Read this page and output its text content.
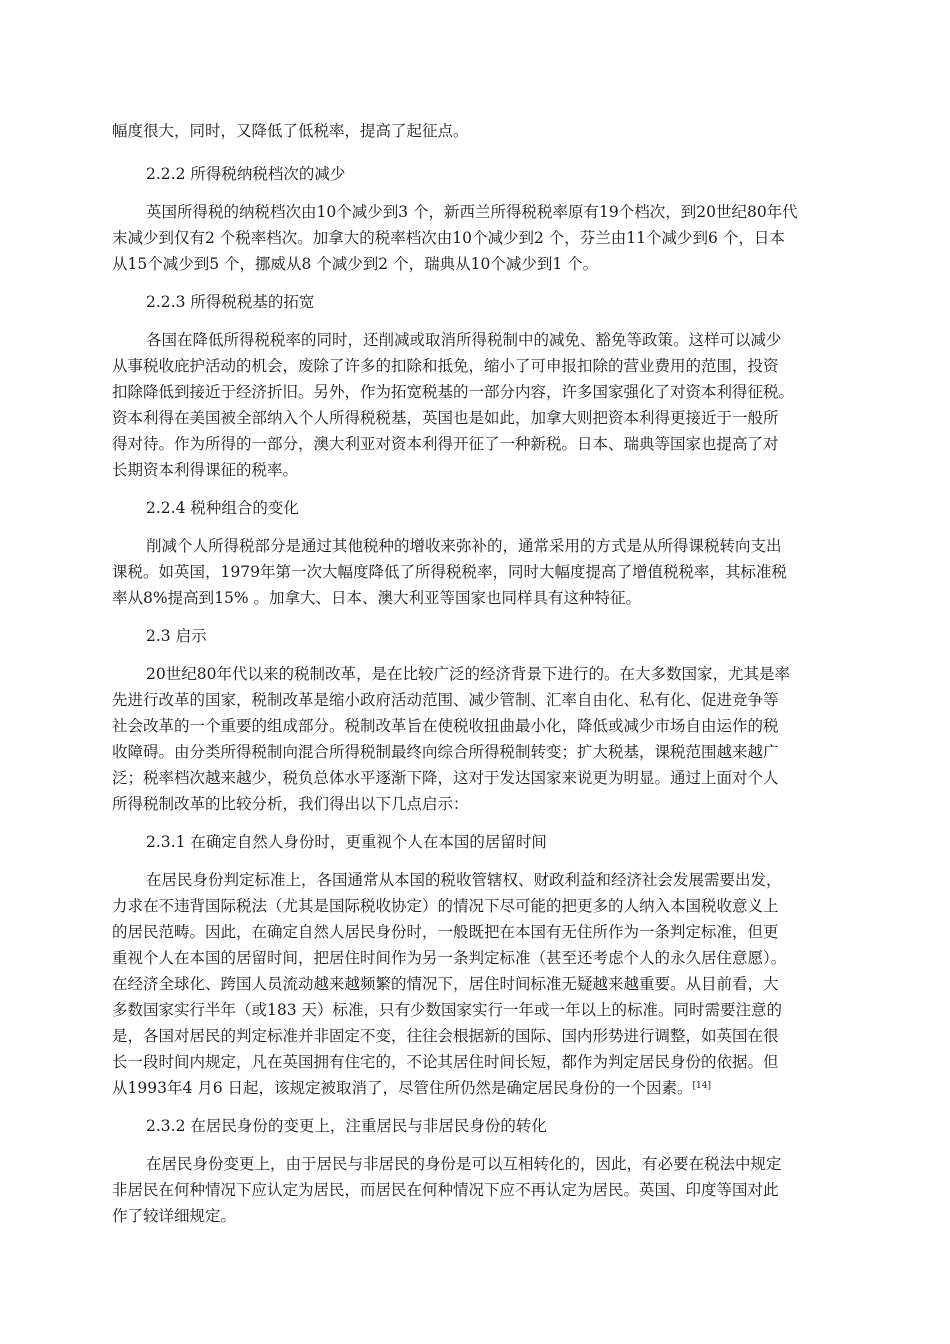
幅度很大，同时，又降低了低税率，提高了起征点。
2.2.2 所得税纳税档次的减少
英国所得税的纳税档次由10个减少到3 个，新西兰所得税税率原有19个档次，到20世纪80年代
末减少到仅有2 个税率档次。加拿大的税率档次由10个减少到2 个，芬兰由11个减少到6 个，日本
从15个减少到5 个，挪威从8 个减少到2 个，瑞典从10个减少到1 个。
2.2.3 所得税税基的拓宽
各国在降低所得税税率的同时，还削减或取消所得税制中的减免、豁免等政策。这样可以减少
从事税收庇护活动的机会，废除了许多的扣除和抵免，缩小了可申报扣除的营业费用的范围，投资
扣除降低到接近于经济折旧。另外，作为拓宽税基的一部分内容，许多国家强化了对资本利得征税。
资本利得在美国被全部纳入个人所得税税基，英国也是如此，加拿大则把资本利得更接近于一般所
得对待。作为所得的一部分，澳大利亚对资本利得开征了一种新税。日本、瑞典等国家也提高了对
长期资本利得课征的税率。
2.2.4 税种组合的变化
削减个人所得税部分是通过其他税种的增收来弥补的，通常采用的方式是从所得课税转向支出
课税。如英国，1979年第一次大幅度降低了所得税税率，同时大幅度提高了增值税税率，其标准税
率从8%提高到15% 。加拿大、日本、澳大利亚等国家也同样具有这种特征。
2.3 启示
20世纪80年代以来的税制改革，是在比较广泛的经济背景下进行的。在大多数国家，尤其是率
先进行改革的国家，税制改革是缩小政府活动范围、减少管制、汇率自由化、私有化、促进竞争等
社会改革的一个重要的组成部分。税制改革旨在使税收扭曲最小化，降低或减少市场自由运作的税
收障碍。由分类所得税制向混合所得税制最终向综合所得税制转变；扩大税基，课税范围越来越广
泛；税率档次越来越少，税负总体水平逐渐下降，这对于发达国家来说更为明显。通过上面对个人
所得税制改革的比较分析，我们得出以下几点启示：
2.3.1 在确定自然人身份时，更重视个人在本国的居留时间
在居民身份判定标准上，各国通常从本国的税收管辖权、财政利益和经济社会发展需要出发，
力求在不违背国际税法（尤其是国际税收协定）的情况下尽可能的把更多的人纳入本国税收意义上
的居民范畴。因此，在确定自然人居民身份时，一般既把在本国有无住所作为一条判定标准，但更
重视个人在本国的居留时间，把居住时间作为另一条判定标准（甚至还考虑个人的永久居住意愿）。
在经济全球化、跨国人员流动越来越频繁的情况下，居住时间标准无疑越来越重要。从目前看，大
多数国家实行半年（或183 天）标准，只有少数国家实行一年或一年以上的标准。同时需要注意的
是，各国对居民的判定标准并非固定不变，往往会根据新的国际、国内形势进行调整，如英国在很
长一段时间内规定，凡在英国拥有住宅的，不论其居住时间长短，都作为判定居民身份的依据。但
从1993年4 月6 日起，该规定被取消了，尽管住所仍然是确定居民身份的一个因素。[14]
2.3.2 在居民身份的变更上，注重居民与非居民身份的转化
在居民身份变更上，由于居民与非居民的身份是可以互相转化的，因此，有必要在税法中规定
非居民在何种情况下应认定为居民，而居民在何种情况下应不再认定为居民。英国、印度等国对此
作了较详细规定。
